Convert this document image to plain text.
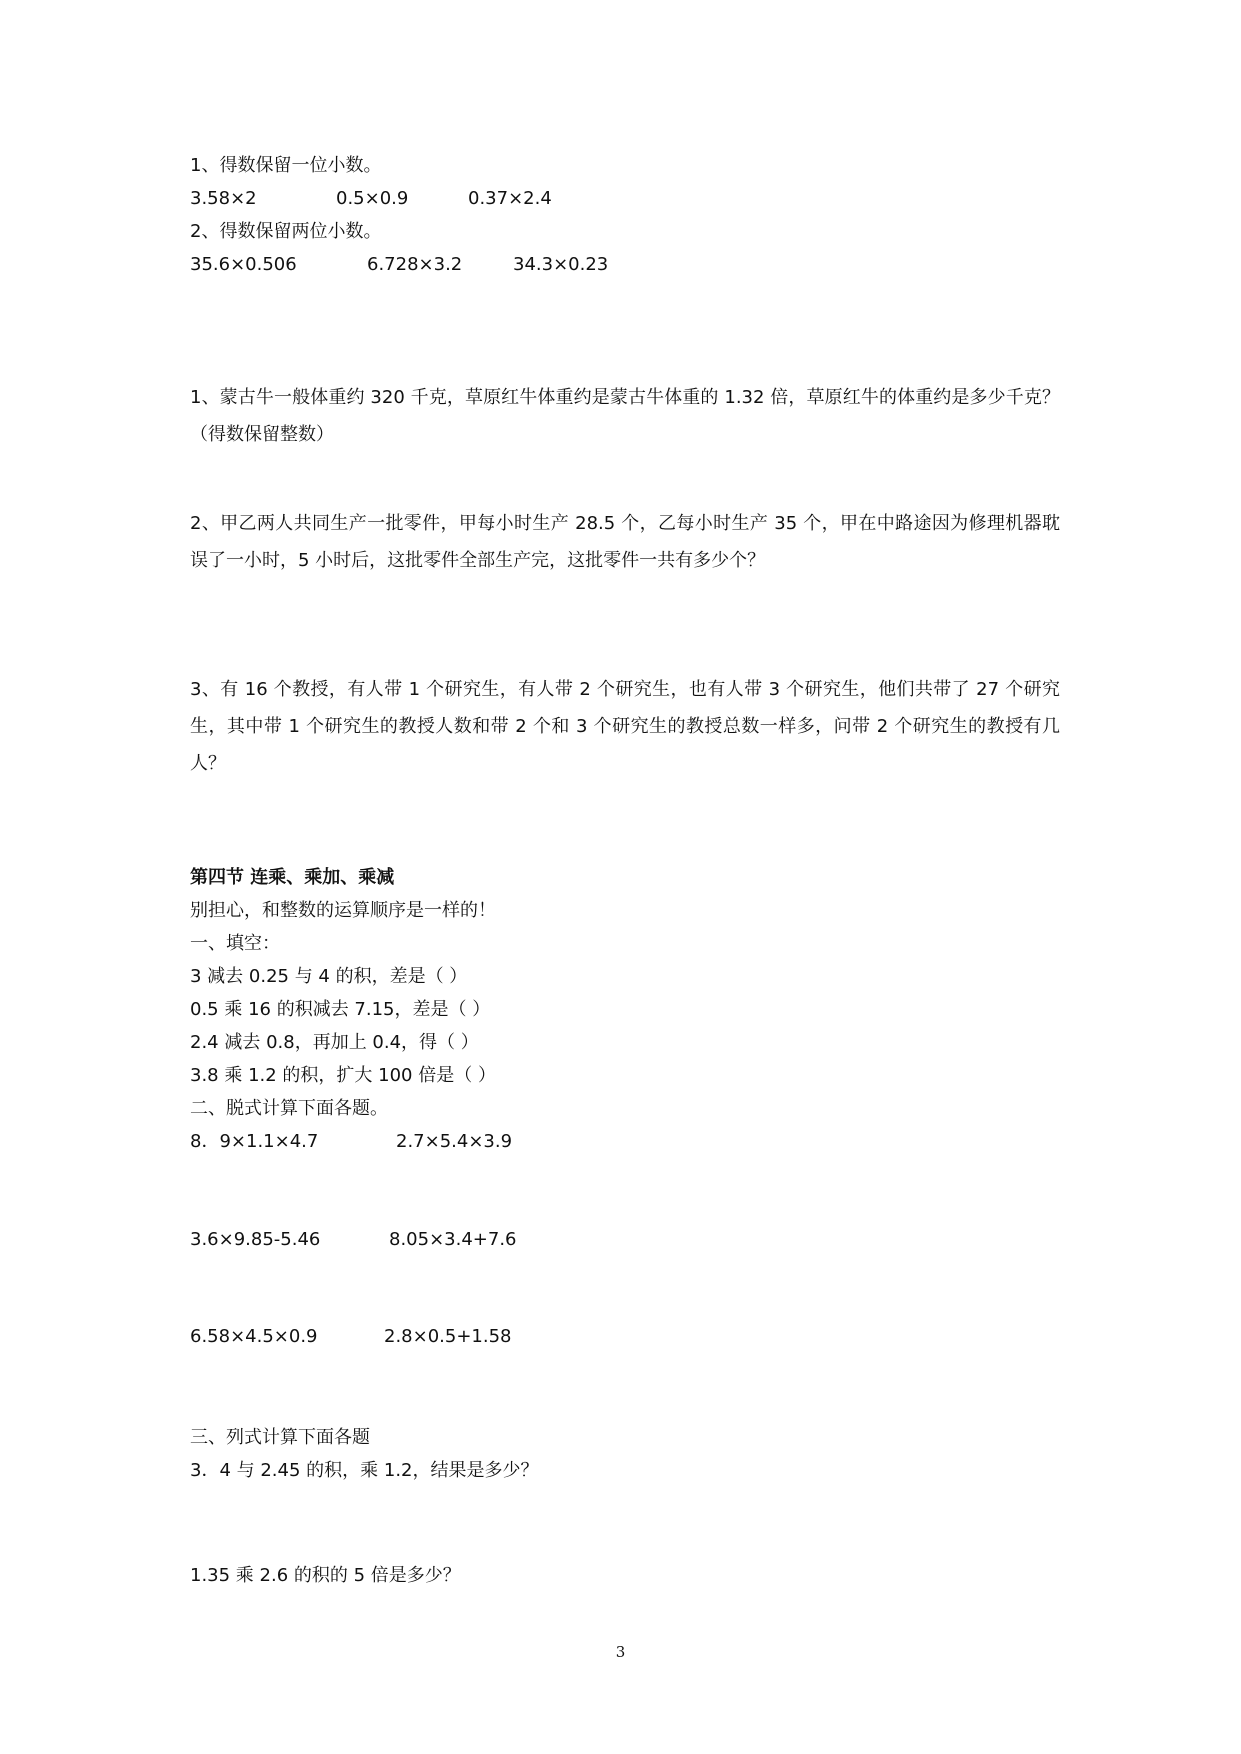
1、得数保留一位小数。
3.58×2	0.5×0.9	0.37×2.4
2、得数保留两位小数。
35.6×0.506	6.728×3.2	34.3×0.23
1、蒙古牛一般体重约 320 千克，草原红牛体重约是蒙古牛体重的 1.32 倍，草原红牛的体重约是多少千克？（得数保留整数）
2、甲乙两人共同生产一批零件，甲每小时生产 28.5 个，乙每小时生产 35 个，甲在中路途因为修理机器耽误了一小时，5 小时后，这批零件全部生产完，这批零件一共有多少个？
3、有 16 个教授，有人带 1 个研究生，有人带 2 个研究生，也有人带 3 个研究生，他们共带了 27 个研究生，其中带 1 个研究生的教授人数和带 2 个和 3 个研究生的教授总数一样多，问带 2 个研究生的教授有几人？
第四节 连乘、乘加、乘减
别担心，和整数的运算顺序是一样的！
一、填空：
3 减去 0.25 与 4 的积，差是（ ）
0.5 乘 16 的积减去 7.15，差是（ ）
2.4 减去 0.8，再加上 0.4，得（ ）
3.8 乘 1.2 的积，扩大 100 倍是（ ）
二、脱式计算下面各题。
8．9×1.1×4.7	2.7×5.4×3.9
3.6×9.85-5.46	8.05×3.4+7.6
6.58×4.5×0.9	2.8×0.5+1.58
三、列式计算下面各题
3．4 与 2.45 的积，乘 1.2，结果是多少？
1.35 乘 2.6 的积的 5 倍是多少？
3
